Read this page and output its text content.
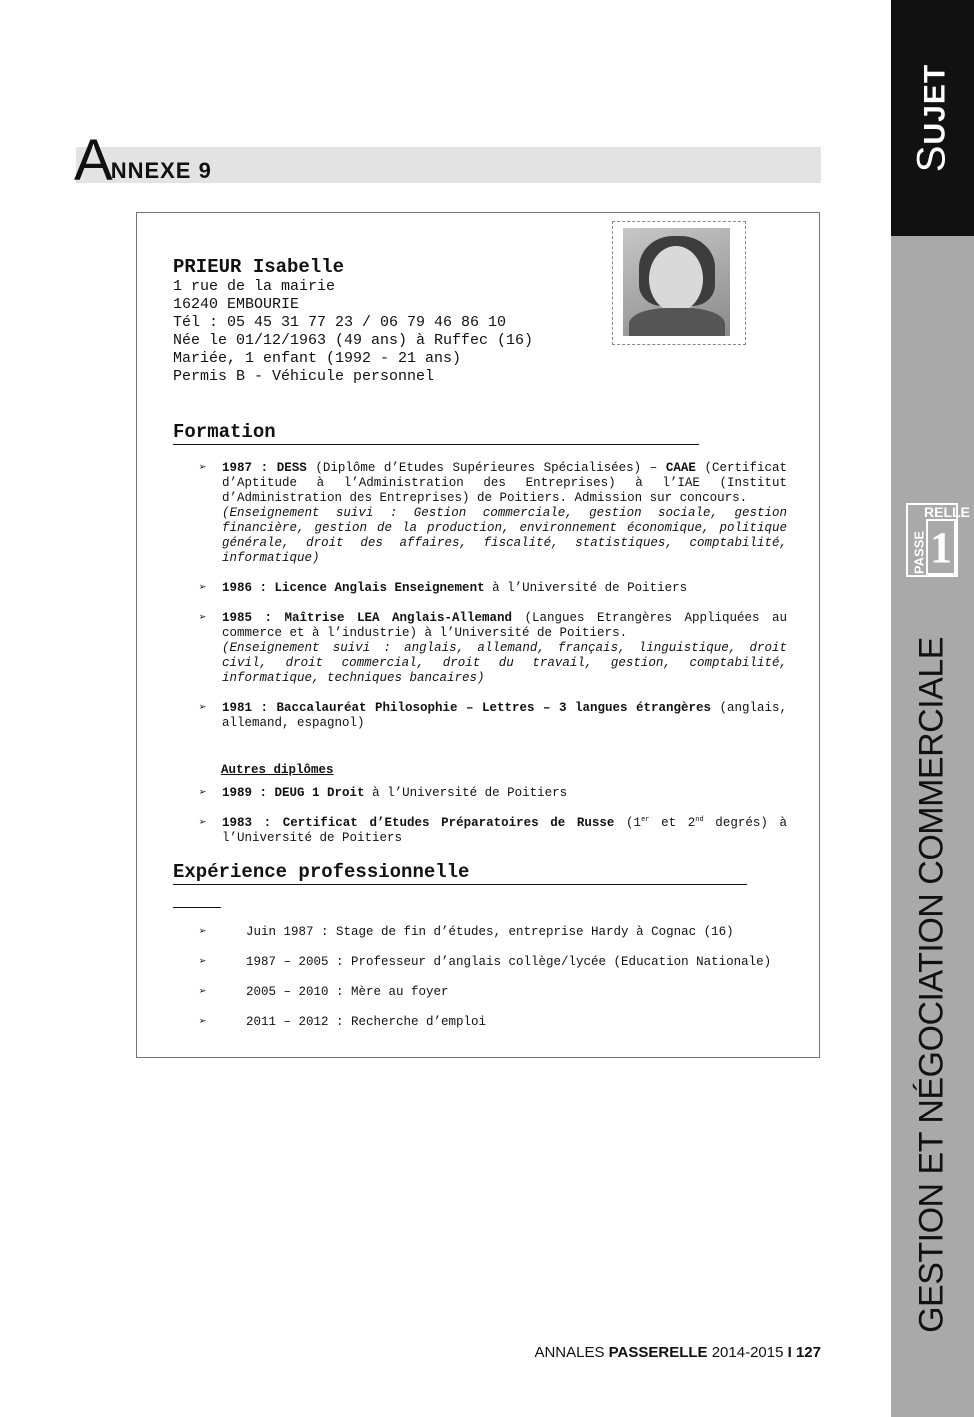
SUJET
RELLE
PASSE 1
GESTION ET NÉGOCIATION COMMERCIALE
ANNEXE 9
PRIEUR Isabelle
1 rue de la mairie
16240 EMBOURIE
Tél : 05 45 31 77 23 / 06 79 46 86 10
Née le 01/12/1963 (49 ans) à Ruffec (16)
Mariée, 1 enfant (1992 - 21 ans)
Permis B - Véhicule personnel
Formation
➢ 1987 : DESS (Diplôme d’Etudes Supérieures Spécialisées) – CAAE (Certificat d’Aptitude à l’Administration des Entreprises) à l’IAE (Institut d’Administration des Entreprises) de Poitiers. Admission sur concours.
(Enseignement suivi : Gestion commerciale, gestion sociale, gestion financière, gestion de la production, environnement économique, politique générale, droit des affaires, fiscalité, statistiques, comptabilité, informatique)
➢ 1986 : Licence Anglais Enseignement à l’Université de Poitiers
➢ 1985 : Maîtrise LEA Anglais-Allemand (Langues Etrangères Appliquées au commerce et à l’industrie) à l’Université de Poitiers.
(Enseignement suivi : anglais, allemand, français, linguistique, droit civil, droit commercial, droit du travail, gestion, comptabilité, informatique, techniques bancaires)
➢ 1981 : Baccalauréat Philosophie – Lettres – 3 langues étrangères (anglais, allemand, espagnol)
Autres diplômes
➢ 1989 : DEUG 1 Droit à l’Université de Poitiers
➢ 1983 : Certificat d’Etudes Préparatoires de Russe (1er et 2nd degrés) à l’Université de Poitiers
Expérience professionnelle
➢	Juin 1987 : Stage de fin d’études, entreprise Hardy à Cognac (16)
➢	1987 – 2005 : Professeur d’anglais collège/lycée (Education Nationale)
➢	2005 – 2010 : Mère au foyer
➢	2011 – 2012 : Recherche d’emploi
ANNALES PASSERELLE 2014-2015 I 127
